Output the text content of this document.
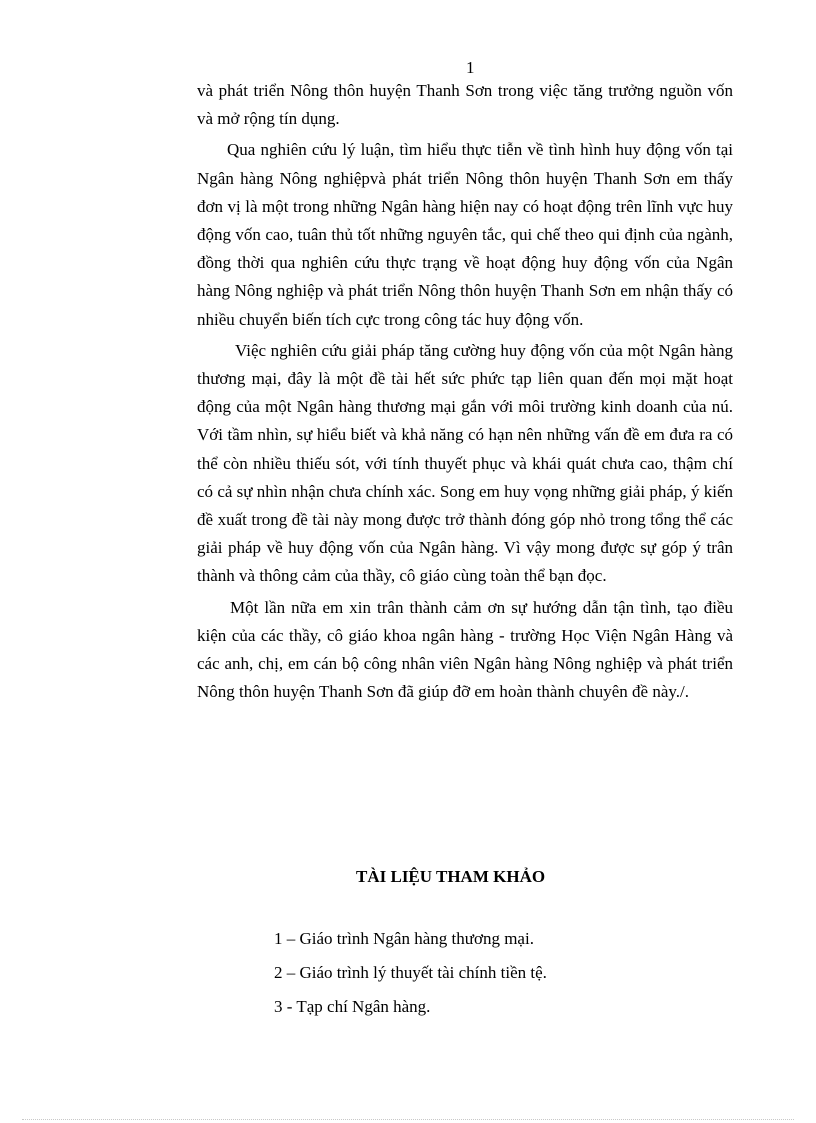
1

và phát triển Nông thôn huyện Thanh Sơn trong việc tăng trưởng nguồn vốn và mở rộng tín dụng.

Qua nghiên cứu lý luận, tìm hiểu thực tiễn về tình hình huy động vốn tại Ngân hàng Nông nghiệpvà phát triển Nông thôn huyện Thanh Sơn em thấy đơn vị là một trong những Ngân hàng hiện nay có hoạt động trên lĩnh vực huy động vốn cao, tuân thủ tốt những nguyên tắc, qui chế theo qui định của ngành, đồng thời qua nghiên cứu thực trạng về hoạt động huy động vốn của Ngân hàng Nông nghiệp và phát triển Nông thôn huyện Thanh Sơn em nhận thấy có nhiều chuyển biến tích cực trong công tác huy động vốn.

Việc nghiên cứu giải pháp tăng cường huy động vốn của một Ngân hàng thương mại, đây là một đề tài hết sức phức tạp liên quan đến mọi mặt hoạt động của một Ngân hàng thương mại gắn với môi trường kinh doanh của nú. Với tầm nhìn, sự hiểu biết và khả năng có hạn nên những vấn đề em đưa ra có thể còn nhiều thiếu sót, với tính thuyết phục và khái quát chưa cao, thậm chí có cả sự nhìn nhận chưa chính xác. Song em huy vọng những giải pháp, ý kiến đề xuất trong đề tài này mong được trở thành đóng góp nhỏ trong tổng thể các giải pháp về huy động vốn của Ngân hàng. Vì vậy mong được sự góp ý trân thành và thông cảm của thầy, cô giáo cùng toàn thể bạn đọc.

Một lần nữa em xin trân thành cảm ơn sự hướng dẫn tận tình, tạo điều kiện của các thầy, cô giáo khoa ngân hàng - trường Học Viện Ngân Hàng và các anh, chị, em cán bộ công nhân viên Ngân hàng Nông nghiệp và phát triển Nông thôn huyện Thanh Sơn đã giúp đỡ em hoàn thành chuyên đề này./.

TÀI LIỆU THAM KHẢO
1 – Giáo trình Ngân hàng thương mại.
2 – Giáo trình lý thuyết tài chính tiền tệ.
3 - Tạp chí Ngân hàng.
